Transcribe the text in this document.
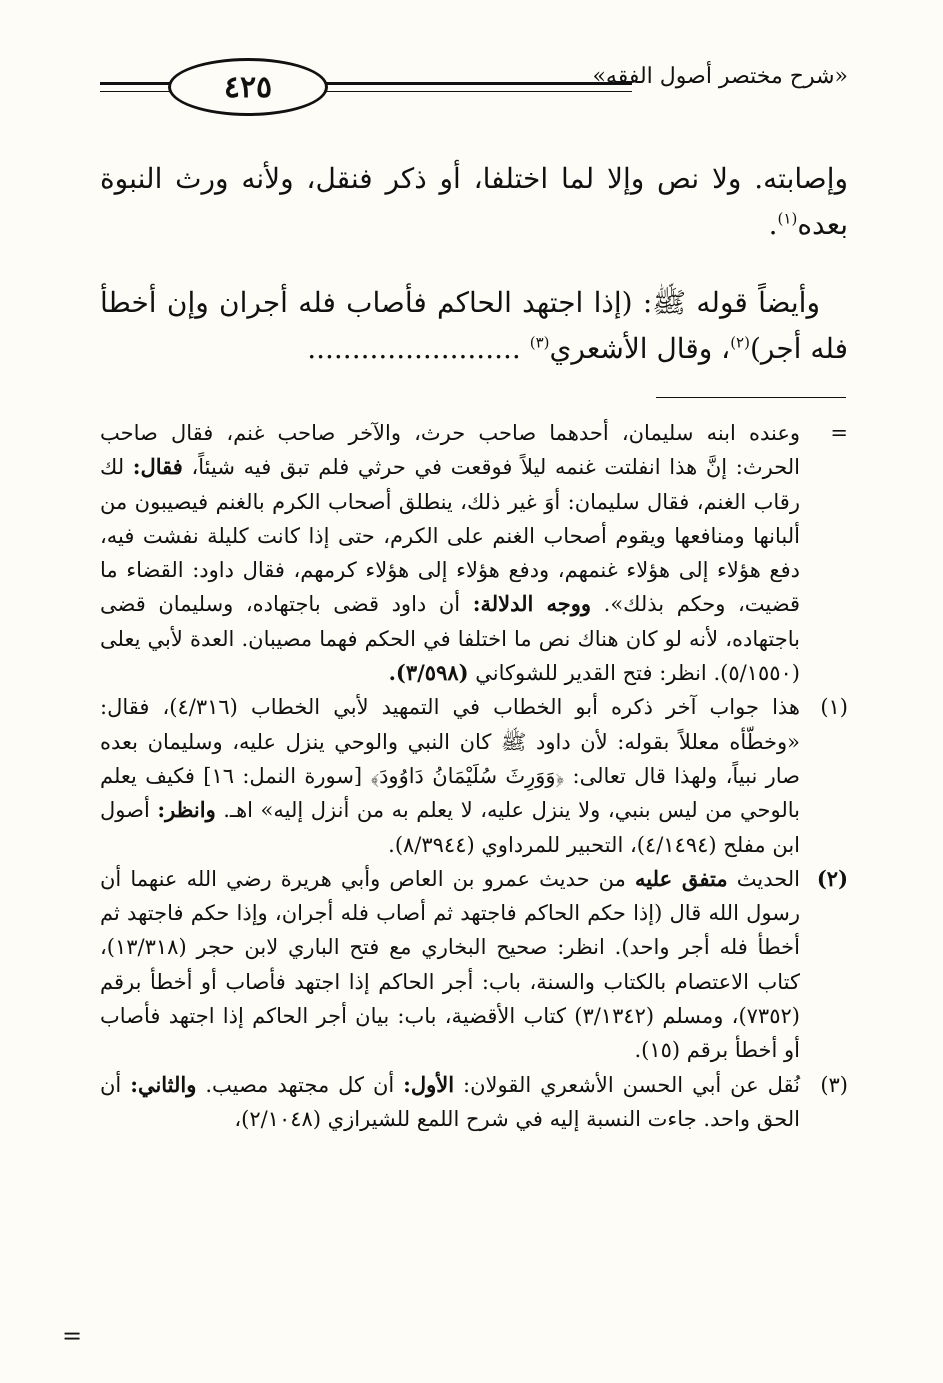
٤٢٥	«شرح مختصر أصول الفقه»

وإصابته. ولا نص وإلا لما اختلفا، أو ذكر فنقل، ولأنه ورث النبوة بعده$^{(١)}$.

 وأيضاً قوله ﷺ: (إذا اجتهد الحاكم فأصاب فله أجران وإن أخطأ فله أجر)$^{(٢)}$، وقال الأشعري$^{(٣)}$ ........................

=
وعنده ابنه سليمان، أحدهما صاحب حرث، والآخر صاحب غنم، فقال صاحب الحرث: إنَّ هذا انفلتت غنمه ليلاً فوقعت في حرثي فلم تبق فيه شيئاً، فقال: لك رقاب الغنم، فقال سليمان: أوَ غير ذلك، ينطلق أصحاب الكرم بالغنم فيصيبون من ألبانها ومنافعها ويقوم أصحاب الغنم على الكرم، حتى إذا كانت كليلة نفشت فيه، دفع هؤلاء إلى هؤلاء غنمهم، ودفع هؤلاء إلى هؤلاء كرمهم، فقال داود: القضاء ما قضيت، وحكم بذلك». ووجه الدلالة: أن داود قضى باجتهاده، وسليمان قضى باجتهاده، لأنه لو كان هناك نص ما اختلفا في الحكم فهما مصيبان. العدة لأبي يعلى (٥/١٥٥٠). انظر: فتح القدير للشوكاني (٣/٥٩٨).
(١)
هذا جواب آخر ذكره أبو الخطاب في التمهيد لأبي الخطاب (٤/٣١٦)، فقال: «وخطّأه معللاً بقوله: لأن داود ﷺ كان النبي والوحي ينزل عليه، وسليمان بعده صار نبياً، ولهذا قال تعالى: ﴿وَوَرِثَ سُلَيْمَانُ دَاوُودَ﴾ [سورة النمل: ١٦] فكيف يعلم بالوحي من ليس بنبي، ولا ينزل عليه، لا يعلم به من أنزل إليه» اهـ. وانظر: أصول ابن مفلح (٤/١٤٩٤)، التحبير للمرداوي (٨/٣٩٤٤).
(٢)
الحديث متفق عليه من حديث عمرو بن العاص وأبي هريرة رضي الله عنهما أن رسول الله قال (إذا حكم الحاكم فاجتهد ثم أصاب فله أجران، وإذا حكم فاجتهد ثم أخطأ فله أجر واحد). انظر: صحيح البخاري مع فتح الباري لابن حجر (١٣/٣١٨)، كتاب الاعتصام بالكتاب والسنة، باب: أجر الحاكم إذا اجتهد فأصاب أو أخطأ برقم (٧٣٥٢)، ومسلم (٣/١٣٤٢) كتاب الأقضية، باب: بيان أجر الحاكم إذا اجتهد فأصاب أو أخطأ برقم (١٥).
(٣)
نُقل عن أبي الحسن الأشعري القولان: الأول: أن كل مجتهد مصيب. والثاني: أن الحق واحد. جاءت النسبة إليه في شرح اللمع للشيرازي (٢/١٠٤٨)،
=
